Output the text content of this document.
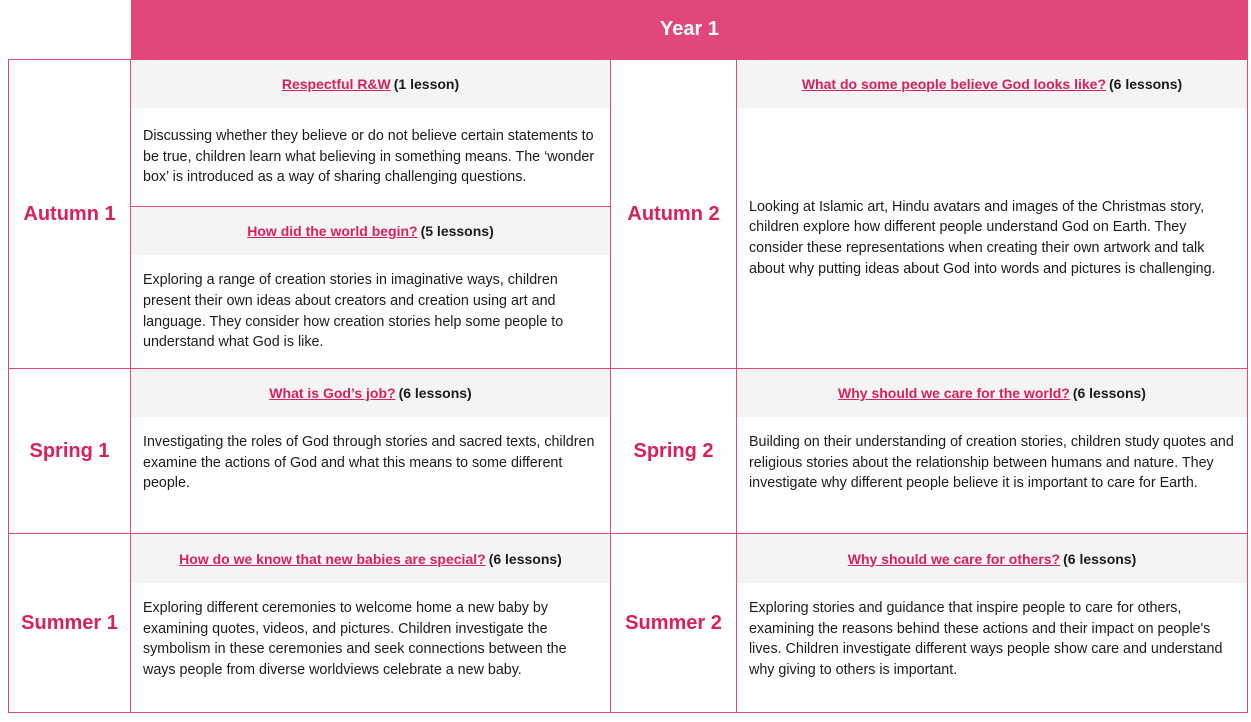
Year 1
Autumn 1
Respectful R&W (1 lesson)
Discussing whether they believe or do not believe certain statements to be true, children learn what believing in something means. The ‘wonder box’ is introduced as a way of sharing challenging questions.
How did the world begin? (5 lessons)
Exploring a range of creation stories in imaginative ways, children present their own ideas about creators and creation using art and language. They consider how creation stories help some people to understand what God is like.
Autumn 2
What do some people believe God looks like? (6 lessons)
Looking at Islamic art, Hindu avatars and images of the Christmas story, children explore how different people understand God on Earth. They consider these representations when creating their own artwork and talk about why putting ideas about God into words and pictures is challenging.
Spring 1
What is God’s job? (6 lessons)
Investigating the roles of God through stories and sacred texts, children examine the actions of God and what this means to some different people.
Spring 2
Why should we care for the world? (6 lessons)
Building on their understanding of creation stories, children study quotes and religious stories about the relationship between humans and nature. They investigate why different people believe it is important to care for Earth.
Summer 1
How do we know that new babies are special? (6 lessons)
Exploring different ceremonies to welcome home a new baby by examining quotes, videos, and pictures. Children investigate the symbolism in these ceremonies and seek connections between the ways people from diverse worldviews celebrate a new baby.
Summer 2
Why should we care for others? (6 lessons)
Exploring stories and guidance that inspire people to care for others, examining the reasons behind these actions and their impact on people's lives. Children investigate different ways people show care and understand why giving to others is important.
